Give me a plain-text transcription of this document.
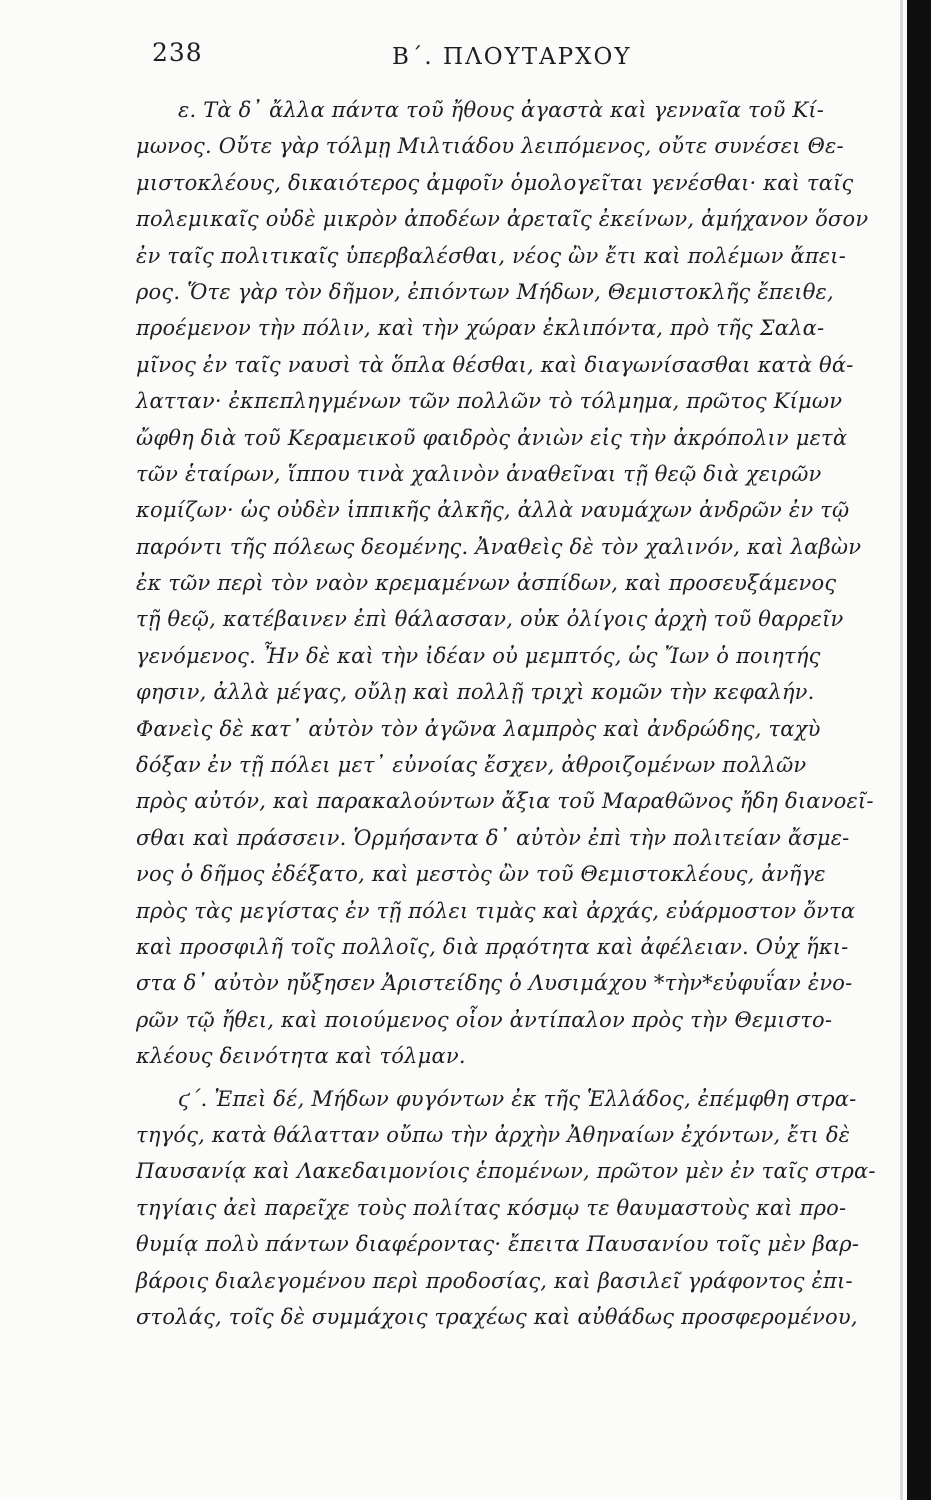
238	Β΄. ΠΛΟΥΤΑΡΧΟΥ
ε. Τὰ δ᾽ ἄλλα πάντα τοῦ ἤθους ἀγαστὰ καὶ γενναῖα τοῦ Κί-
μωνος. Οὔτε γὰρ τόλμῃ Μιλτιάδου λειπόμενος, οὔτε συνέσει Θε-
μιστοκλέους, δικαιότερος ἀμφοῖν ὁμολογεῖται γενέσθαι· καὶ ταῖς
πολεμικαῖς οὐδὲ μικρὸν ἀποδέων ἀρεταῖς ἐκείνων, ἀμήχανον ὅσον
ἐν ταῖς πολιτικαῖς ὑπερβαλέσθαι, νέος ὢν ἔτι καὶ πολέμων ἄπει-
ρος. Ὅτε γὰρ τὸν δῆμον, ἐπιόντων Μήδων, Θεμιστοκλῆς ἔπειθε,
προέμενον τὴν πόλιν, καὶ τὴν χώραν ἐκλιπόντα, πρὸ τῆς Σαλα-
μῖνος ἐν ταῖς ναυσὶ τὰ ὅπλα θέσθαι, καὶ διαγωνίσασθαι κατὰ θά-
λατταν· ἐκπεπληγμένων τῶν πολλῶν τὸ τόλμημα, πρῶτος Κίμων
ὤφθη διὰ τοῦ Κεραμεικοῦ φαιδρὸς ἀνιὼν εἰς τὴν ἀκρόπολιν μετὰ
τῶν ἑταίρων, ἵππου τινὰ χαλινὸν ἀναθεῖναι τῇ θεῷ διὰ χειρῶν
κομίζων· ὡς οὐδὲν ἱππικῆς ἀλκῆς, ἀλλὰ ναυμάχων ἀνδρῶν ἐν τῷ
παρόντι τῆς πόλεως δεομένης. Ἀναθεὶς δὲ τὸν χαλινόν, καὶ λαβὼν
ἐκ τῶν περὶ τὸν ναὸν κρεμαμένων ἀσπίδων, καὶ προσευξάμενος
τῇ θεῷ, κατέβαινεν ἐπὶ θάλασσαν, οὐκ ὀλίγοις ἀρχὴ τοῦ θαρρεῖν
γενόμενος. Ἦν δὲ καὶ τὴν ἰδέαν οὐ μεμπτός, ὡς Ἴων ὁ ποιητής
φησιν, ἀλλὰ μέγας, οὔλῃ καὶ πολλῇ τριχὶ κομῶν τὴν κεφαλήν.
Φανεὶς δὲ κατ᾽ αὐτὸν τὸν ἀγῶνα λαμπρὸς καὶ ἀνδρώδης, ταχὺ
δόξαν ἐν τῇ πόλει μετ᾽ εὐνοίας ἔσχεν, ἀθροιζομένων πολλῶν
πρὸς αὐτόν, καὶ παρακαλούντων ἄξια τοῦ Μαραθῶνος ἤδη διανοεῖ-
σθαι καὶ πράσσειν. Ὁρμήσαντα δ᾽ αὐτὸν ἐπὶ τὴν πολιτείαν ἄσμε-
νος ὁ δῆμος ἐδέξατο, καὶ μεστὸς ὢν τοῦ Θεμιστοκλέους, ἀνῆγε
πρὸς τὰς μεγίστας ἐν τῇ πόλει τιμὰς καὶ ἀρχάς, εὐάρμοστον ὄντα
καὶ προσφιλῆ τοῖς πολλοῖς, διὰ πρᾳότητα καὶ ἀφέλειαν. Οὐχ ἥκι-
στα δ᾽ αὐτὸν ηὔξησεν Ἀριστείδης ὁ Λυσιμάχου *τὴν*εὐφυΐαν ἐνο-
ρῶν τῷ ἤθει, καὶ ποιούμενος οἷον ἀντίπαλον πρὸς τὴν Θεμιστο-
κλέους δεινότητα καὶ τόλμαν.
ϛ΄. Ἐπεὶ δέ, Μήδων φυγόντων ἐκ τῆς Ἑλλάδος, ἐπέμφθη στρα-
τηγός, κατὰ θάλατταν οὔπω τὴν ἀρχὴν Ἀθηναίων ἐχόντων, ἔτι δὲ
Παυσανίᾳ καὶ Λακεδαιμονίοις ἑπομένων, πρῶτον μὲν ἐν ταῖς στρα-
τηγίαις ἀεὶ παρεῖχε τοὺς πολίτας κόσμῳ τε θαυμαστοὺς καὶ προ-
θυμίᾳ πολὺ πάντων διαφέροντας· ἔπειτα Παυσανίου τοῖς μὲν βαρ-
βάροις διαλεγομένου περὶ προδοσίας, καὶ βασιλεῖ γράφοντος ἐπι-
στολάς, τοῖς δὲ συμμάχοις τραχέως καὶ αὐθάδως προσφερομένου,
